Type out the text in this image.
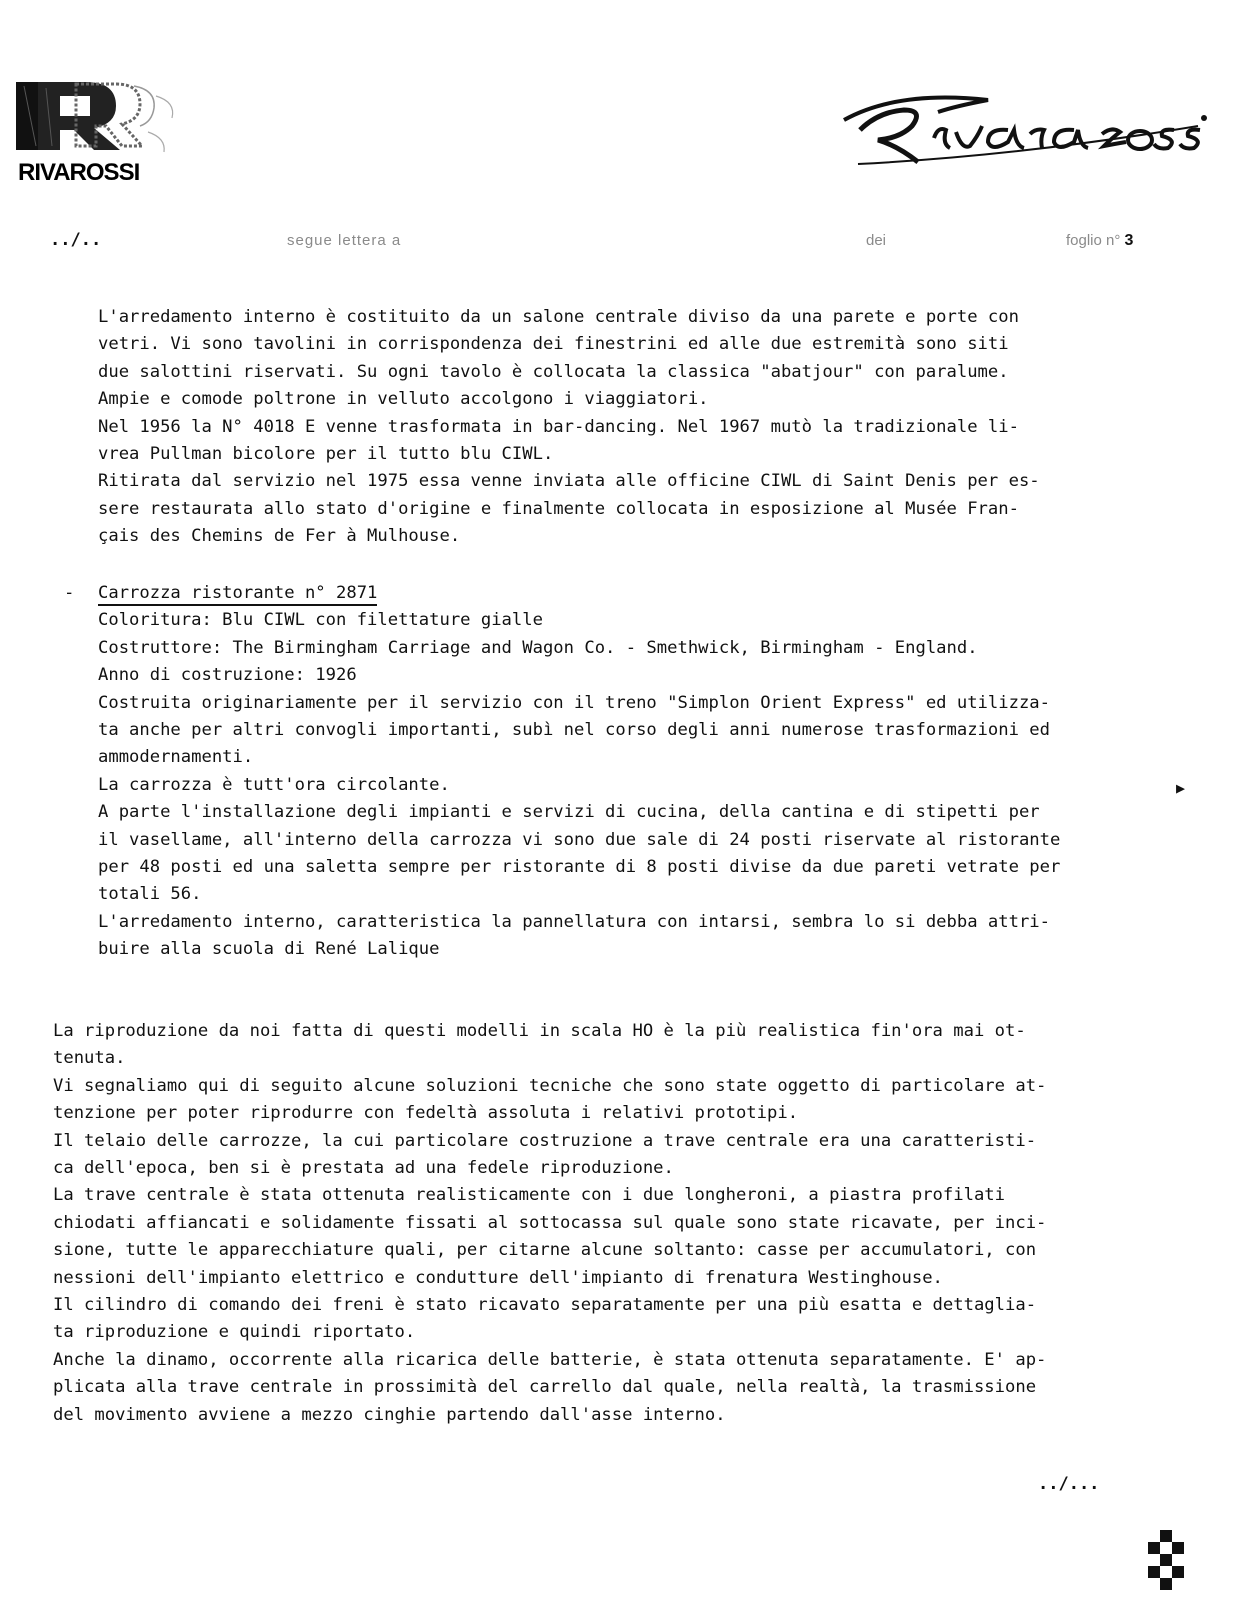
RIVAROSSI
../..	segue lettera a	dei	foglio n° 3
L'arredamento interno è costituito da un salone centrale diviso da una parete e porte con
vetri. Vi sono tavolini in corrispondenza dei finestrini ed alle due estremità sono siti
due salottini riservati. Su ogni tavolo è collocata la classica "abatjour" con paralume.
Ampie e comode poltrone in velluto accolgono i viaggiatori.
Nel 1956 la N° 4018 E venne trasformata in bar-dancing. Nel 1967 mutò la tradizionale li-
vrea Pullman bicolore per il tutto blu CIWL.
Ritirata dal servizio nel 1975 essa venne inviata alle officine CIWL di Saint Denis per es-
sere restaurata allo stato d'origine e finalmente collocata in esposizione al Musée Fran-
çais des Chemins de Fer à Mulhouse.
- Carrozza ristorante n° 2871
Coloritura: Blu CIWL con filettature gialle
Costruttore: The Birmingham Carriage and Wagon Co. - Smethwick, Birmingham - England.
Anno di costruzione: 1926
Costruita originariamente per il servizio con il treno "Simplon Orient Express" ed utilizza-
ta anche per altri convogli importanti, subì nel corso degli anni numerose trasformazioni ed
ammodernamenti.
La carrozza è tutt'ora circolante.
A parte l'installazione degli impianti e servizi di cucina, della cantina e di stipetti per
il vasellame, all'interno della carrozza vi sono due sale di 24 posti riservate al ristorante
per 48 posti ed una saletta sempre per ristorante di 8 posti divise da due pareti vetrate per
totali 56.
L'arredamento interno, caratteristica la pannellatura con intarsi, sembra lo si debba attri-
buire alla scuola di René Lalique
▶
La riproduzione da noi fatta di questi modelli in scala HO è la più realistica fin'ora mai ot-
tenuta.
Vi segnaliamo qui di seguito alcune soluzioni tecniche che sono state oggetto di particolare at-
tenzione per poter riprodurre con fedeltà assoluta i relativi prototipi.
Il telaio delle carrozze, la cui particolare costruzione a trave centrale era una caratteristi-
ca dell'epoca, ben si è prestata ad una fedele riproduzione.
La trave centrale è stata ottenuta realisticamente con i due longheroni, a piastra profilati
chiodati affiancati e solidamente fissati al sottocassa sul quale sono state ricavate, per inci-
sione, tutte le apparecchiature quali, per citarne alcune soltanto: casse per accumulatori, con
nessioni dell'impianto elettrico e condutture dell'impianto di frenatura Westinghouse.
Il cilindro di comando dei freni è stato ricavato separatamente per una più esatta e dettaglia-
ta riproduzione e quindi riportato.
Anche la dinamo, occorrente alla ricarica delle batterie, è stata ottenuta separatamente. E' ap-
plicata alla trave centrale in prossimità del carrello dal quale, nella realtà, la trasmissione
del movimento avviene a mezzo cinghie partendo dall'asse interno.
../...
